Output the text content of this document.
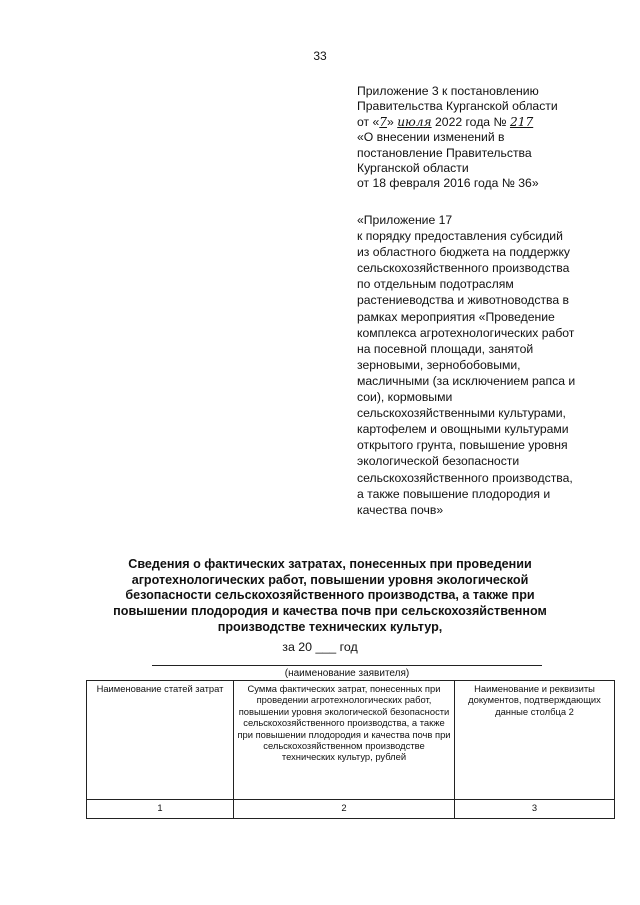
33
Приложение 3 к постановлению
Правительства Курганской области
от «7» июля 2022 года № 217
«О внесении изменений в
постановление Правительства
Курганской области
от 18 февраля 2016 года № 36»
«Приложение 17
к порядку предоставления субсидий
из областного бюджета на поддержку
сельскохозяйственного производства
по отдельным подотраслям
растениеводства и животноводства в
рамках мероприятия «Проведение
комплекса агротехнологических работ
на посевной площади, занятой
зерновыми, зернобобовыми,
масличными (за исключением рапса и
сои), кормовыми
сельскохозяйственными культурами,
картофелем и овощными культурами
открытого грунта, повышение уровня
экологической безопасности
сельскохозяйственного производства,
а также повышение плодородия и
качества почв»
Сведения о фактических затратах, понесенных при проведении
агротехнологических работ, повышении уровня экологической
безопасности сельскохозяйственного производства, а также при
повышении плодородия и качества почв при сельскохозяйственном
производстве технических культур,
за 20 ___ год
(наименование заявителя)
Наименование статей затрат	Сумма фактических затрат, понесенных при проведении агротехнологических работ, повышении уровня экологической безопасности сельскохозяйственного производства, а также при повышении плодородия и качества почв при сельскохозяйственном производстве технических культур, рублей	Наименование и реквизиты документов, подтверждающих данные столбца 2
1	2	3
